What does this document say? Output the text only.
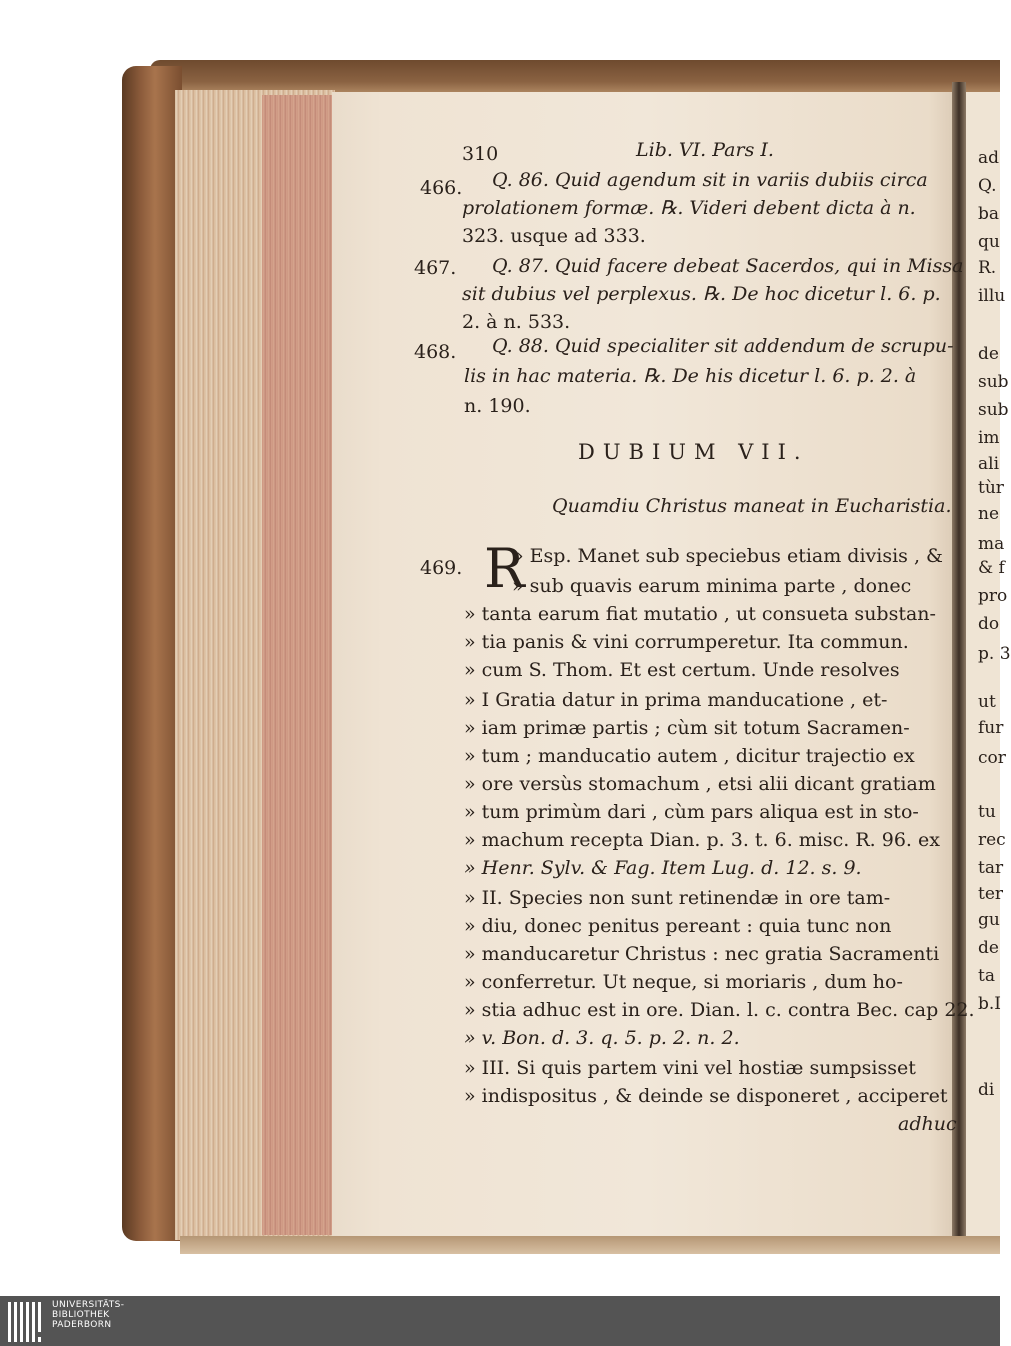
310	Lib. VI. Pars I.
466. Q. 86. Quid agendum sit in variis dubiis circa
prolationem formæ. ℞. Videri debent dicta à n.
323. usque ad 333.
467. Q. 87. Quid facere debeat Sacerdos, qui in Missa
sit dubius vel perplexus. ℞. De hoc dicetur l. 6. p.
2. à n. 533.
468. Q. 88. Quid specialiter sit addendum de scrupu-
lis in hac materia. ℞. De his dicetur l. 6. p. 2. à
n. 190.
DUBIUM VII.
Quamdiu Christus maneat in Eucharistia.
469. R
» Esp. Manet sub speciebus etiam divisis , &
» sub quavis earum minima parte , donec
» tanta earum fiat mutatio , ut consueta substan-
» tia panis & vini corrumperetur. Ita commun.
» cum S. Thom. Et est certum. Unde resolves
» I Gratia datur in prima manducatione , et-
» iam primæ partis ; cùm sit totum Sacramen-
» tum ; manducatio autem , dicitur trajectio ex
» ore versùs stomachum , etsi alii dicant gratiam
» tum primùm dari , cùm pars aliqua est in sto-
» machum recepta Dian. p. 3. t. 6. misc. R. 96. ex
» Henr. Sylv. & Fag. Item Lug. d. 12. s. 9.
» II. Species non sunt retinendæ in ore tam-
» diu, donec penitus pereant : quia tunc non
» manducaretur Christus : nec gratia Sacramenti
» conferretur. Ut neque, si moriaris , dum ho-
» stia adhuc est in ore. Dian. l. c. contra Bec. cap 22.
» v. Bon. d. 3. q. 5. p. 2. n. 2.
» III. Si quis partem vini vel hostiæ sumpsisset
» indispositus , & deinde se disponeret , acciperet
adhuc
ad
Q.
ba
qu
R.
illu
de
sub
sub
im
ali
tùr
ne
ma
& f
pro
do
p. 3
ut
fur
cor
tu
rec
tar
ter
gu
de
ta
b.I
di
UNIVERSITÄTS-
BIBLIOTHEK
PADERBORN
